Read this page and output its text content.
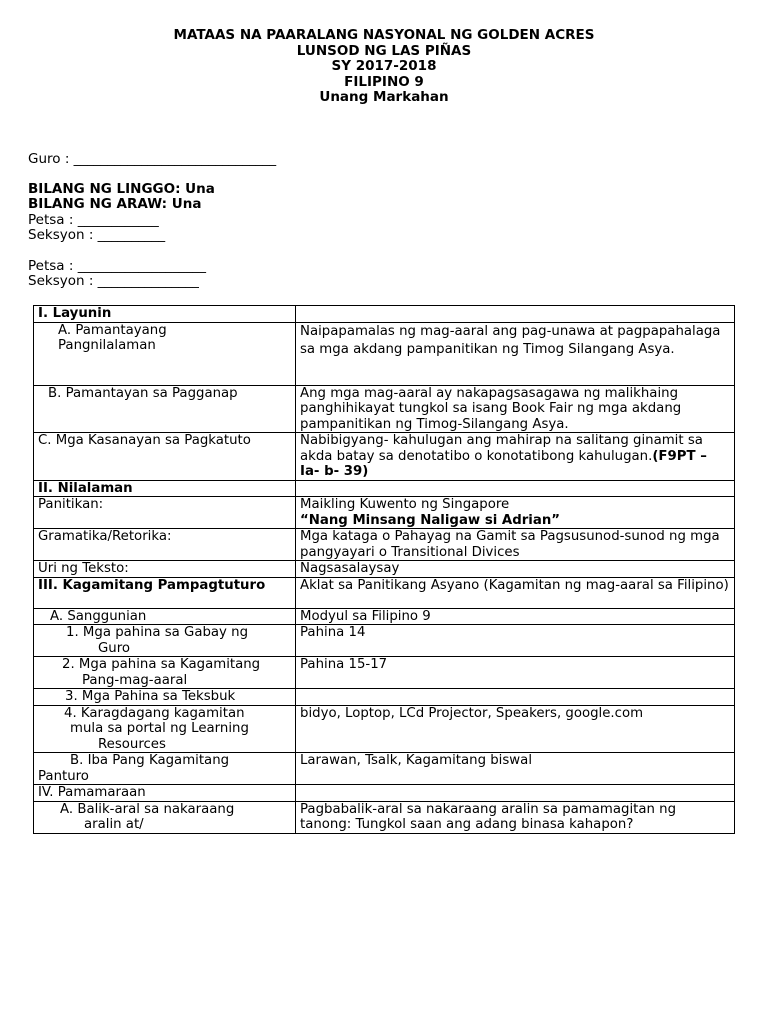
MATAAS NA PAARALANG NASYONAL NG GOLDEN ACRES
LUNSOD NG LAS PIÑAS
SY 2017-2018
FILIPINO 9
Unang Markahan
Guro : ______________________________
BILANG NG LINGGO: Una
BILANG NG ARAW: Una
Petsa : ____________
Seksyon : __________
Petsa : ___________________
Seksyon : _______________
I. Layunin	

A. Pamantayang
Pangnilalaman	Naipapamalas ng mag-aaral ang pag-unawa at pagpapahalaga sa mga akdang pampanitikan ng Timog Silangang Asya.
B. Pamantayan sa Pagganap	Ang mga mag-aaral ay nakapagsasagawa ng malikhaing panghihikayat tungkol sa isang Book Fair ng mga akdang pampanitikan ng Timog-Silangang Asya.
C. Mga Kasanayan sa Pagkatuto	Nabibigyang- kahulugan ang mahirap na salitang ginamit sa akda batay sa denotatibo o konotatibong kahulugan.(F9PT – Ia- b- 39)
II. Nilalaman	
Panitikan:	Maikling Kuwento ng Singapore
“Nang Minsang Naligaw si Adrian”

Gramatika/Retorika:	Mga kataga o Pahayag na Gamit sa Pagsusunod-sunod ng mga pangyayari o Transitional Divices
Uri ng Teksto:	Nagsasalaysay
III. Kagamitang Pampagtuturo	Aklat sa Panitikang Asyano (Kagamitan ng mag-aaral sa Filipino)
A. Sanggunian	Modyul sa Filipino 9

1. Mga pahina sa Gabay ng
Guro	Pahina 14

2. Mga pahina sa Kagamitang
Pang-mag-aaral	Pahina 15-17
3. Mga Pahina sa Teksbuk	

4. Karagdagang kagamitan
mula sa portal ng Learning
Resources	bidyo, Loptop, LCd Projector, Speakers, google.com

B. Iba Pang Kagamitang
Panturo	Larawan, Tsalk, Kagamitang biswal
IV. Pamamaraan	

A. Balik-aral sa nakaraang
aralin at/	Pagbabalik-aral sa nakaraang aralin sa pamamagitan ng tanong: Tungkol saan ang adang binasa kahapon?
